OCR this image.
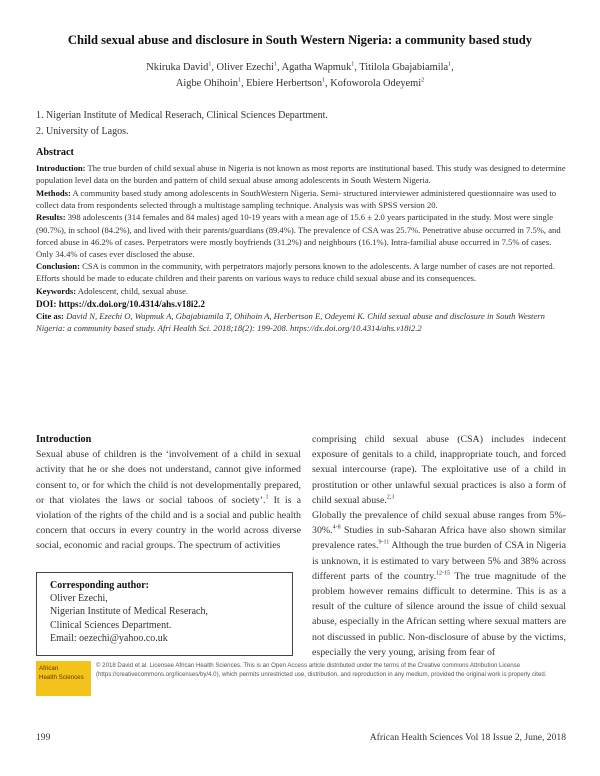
Child sexual abuse and disclosure in South Western Nigeria: a community based study
Nkiruka David$^1$, Oliver Ezechi$^1$, Agatha Wapmuk$^1$, Titilola Gbajabiamila$^1$,
Aigbe Ohihoin$^1$, Ebiere Herbertson$^1$, Kofoworola Odeyemi$^2$
1. Nigerian Institute of Medical Reserach, Clinical Sciences Department.
2. University of Lagos.
Abstract

Introduction: The true burden of child sexual abuse in Nigeria is not known as most reports are institutional based. This study was designed to determine population level data on the burden and pattern of child sexual abuse among adolescents in South Western Nigeria.

Methods: A community based study among adolescents in SouthWestern Nigeria. Semi- structured interviewer administered questionnaire was used to collect data from respondents selected through a multistage sampling technique. Analysis was with SPSS version 20.

Results: 398 adolescents (314 females and 84 males) aged 10-19 years with a mean age of 15.6 ± 2.0 years participated in the study. Most were single (90.7%), in school (84.2%), and lived with their parents/guardians (89.4%). The prevalence of CSA was 25.7%. Penetrative abuse occurred in 7.5%, and forced abuse in 46.2% of cases. Perpetrators were mostly boyfriends (31.2%) and neighbours (16.1%). Intra-familial abuse occurred in 7.5% of cases. Only 34.4% of cases ever disclosed the abuse.

Conclusion: CSA is common in the community, with perpetrators majorly persons known to the adolescents. A large number of cases are not reported. Efforts should be made to educate children and their parents on various ways to reduce child sexual abuse and its consequences.

Keywords: Adolescent, child, sexual abuse.

DOI: https://dx.doi.org/10.4314/ahs.v18i2.2

Cite as: David N, Ezechi O, Wapmuk A, Gbajabiamila T, Ohihoin A, Herbertson E, Odeyemi K. Child sexual abuse and disclosure in South Western Nigeria: a community based study. Afri Health Sci. 2018;18(2): 199-208. https://dx.doi.org/10.4314/ahs.v18i2.2

Introduction

Sexual abuse of children is the ‘involvement of a child in sexual activity that he or she does not understand, cannot give informed consent to, or for which the child is not developmentally prepared, or that violates the laws or social taboos of society’.$^1$ It is a violation of the rights of the child and is a social and public health concern that occurs in every country in the world across diverse social, economic and racial groups. The spectrum of activities

comprising child sexual abuse (CSA) includes indecent exposure of genitals to a child, inappropriate touch, and forced sexual intercourse (rape). The exploitative use of a child in prostitution or other unlawful sexual practices is also a form of child sexual abuse.$^{2,3}$

Globally the prevalence of child sexual abuse ranges from 5%- 30%.$^{4-8}$ Studies in sub-Saharan Africa have also shown similar prevalence rates.$^{9-11}$ Although the true burden of CSA in Nigeria is unknown, it is estimated to vary between 5% and 38% across different parts of the country.$^{12-15}$ The true magnitude of the problem however remains difficult to determine. This is as a result of the culture of silence around the issue of child sexual abuse, especially in the African setting where sexual matters are not discussed in public. Non-disclosure of abuse by the victims, especially the very young, arising from fear of

Corresponding author:
Oliver Ezechi,
Nigerian Institute of Medical Reserach,
Clinical Sciences Department.
Email: oezechi@yahoo.co.uk
African
Health Sciences
© 2018 David et al. Licensee African Health Sciences. This is an Open Access article distributed under the terms of the Creative commons Attribution License (https://creativecommons.org/licenses/by/4.0), which permits unrestricted use, distribution, and reproduction in any medium, provided the original work is properly cited.
199	African Health Sciences Vol 18 Issue 2, June, 2018
